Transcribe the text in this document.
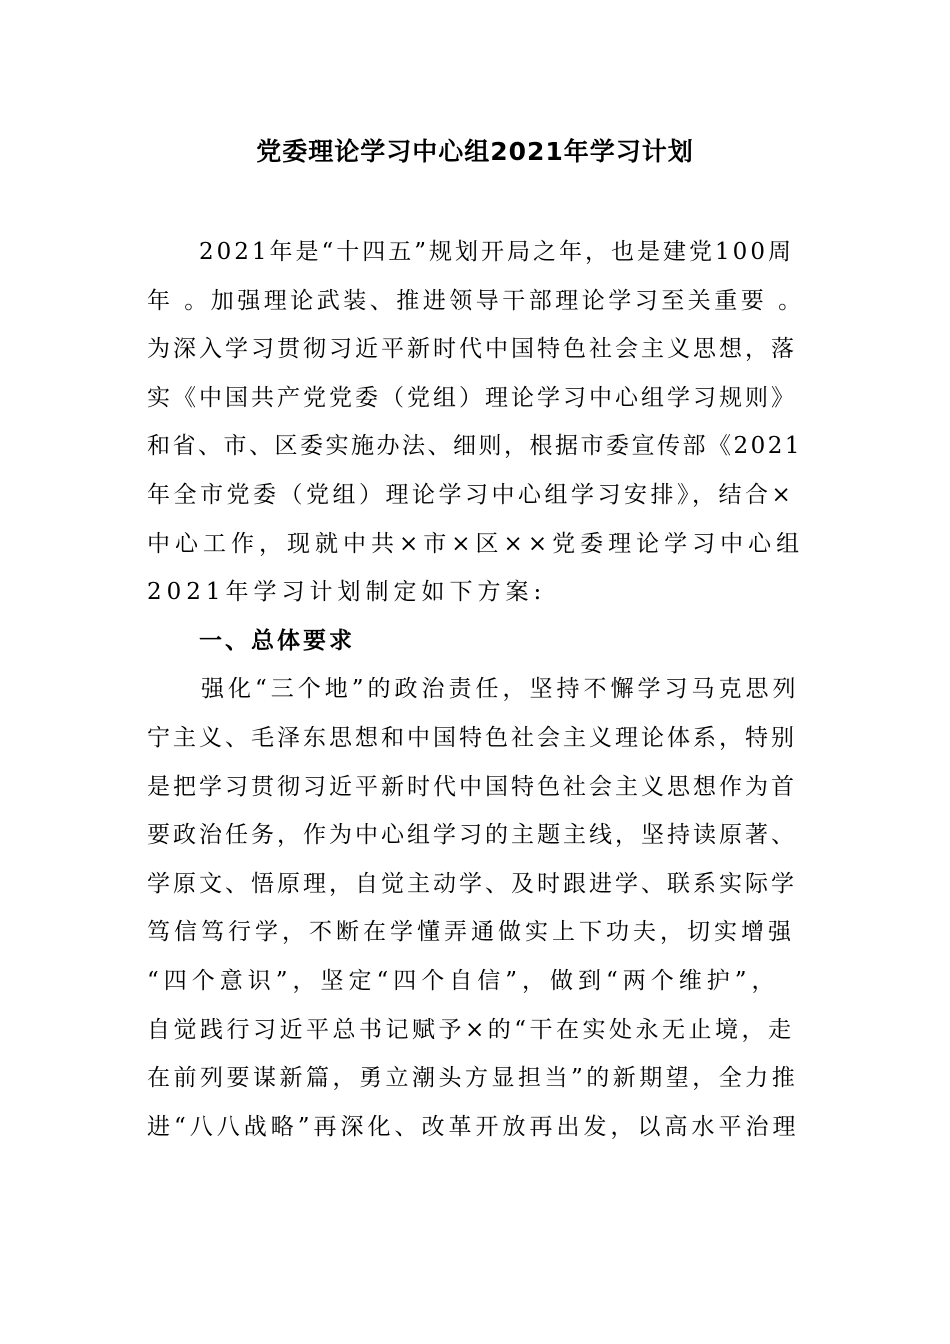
党委理论学习中心组2021年学习计划
　　2021年是“十四五”规划开局之年，也是建党100周
年 。加强理论武装、推进领导干部理论学习至关重要 。
为深入学习贯彻习近平新时代中国特色社会主义思想，落
实《中国共产党党委（党组）理论学习中心组学习规则》
和省、市、区委实施办法、细则，根据市委宣传部《2021
年全市党委（党组）理论学习中心组学习安排》，结合×
中心工作，现就中共×市×区××党委理论学习中心组
2021年学习计划制定如下方案:
　　一、总体要求
　　强化“三个地”的政治责任，坚持不懈学习马克思列
宁主义、毛泽东思想和中国特色社会主义理论体系，特别
是把学习贯彻习近平新时代中国特色社会主义思想作为首
要政治任务，作为中心组学习的主题主线，坚持读原著、
学原文、悟原理，自觉主动学、及时跟进学、联系实际学
笃信笃行学，不断在学懂弄通做实上下功夫，切实增强
“四个意识”，坚定“四个自信”，做到“两个维护”，
自觉践行习近平总书记赋予×的“干在实处永无止境，走
在前列要谋新篇，勇立潮头方显担当”的新期望，全力推
进“八八战略”再深化、改革开放再出发，以高水平治理
